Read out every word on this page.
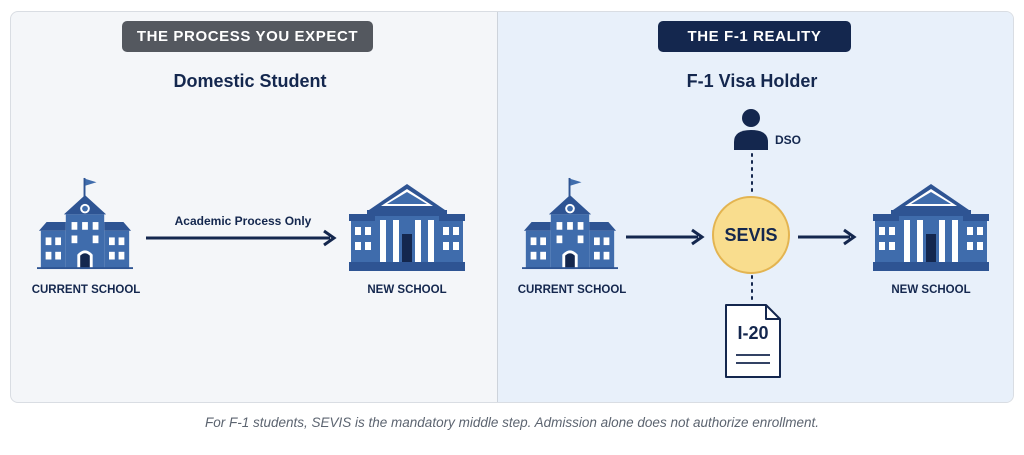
THE PROCESS YOU EXPECT
Domestic Student
CURRENT SCHOOL
Academic Process Only
NEW SCHOOL
THE F-1 REALITY
F-1 Visa Holder
CURRENT SCHOOL
DSO
SEVIS
I-20
NEW SCHOOL
For F-1 students, SEVIS is the mandatory middle step. Admission alone does not authorize enrollment.
